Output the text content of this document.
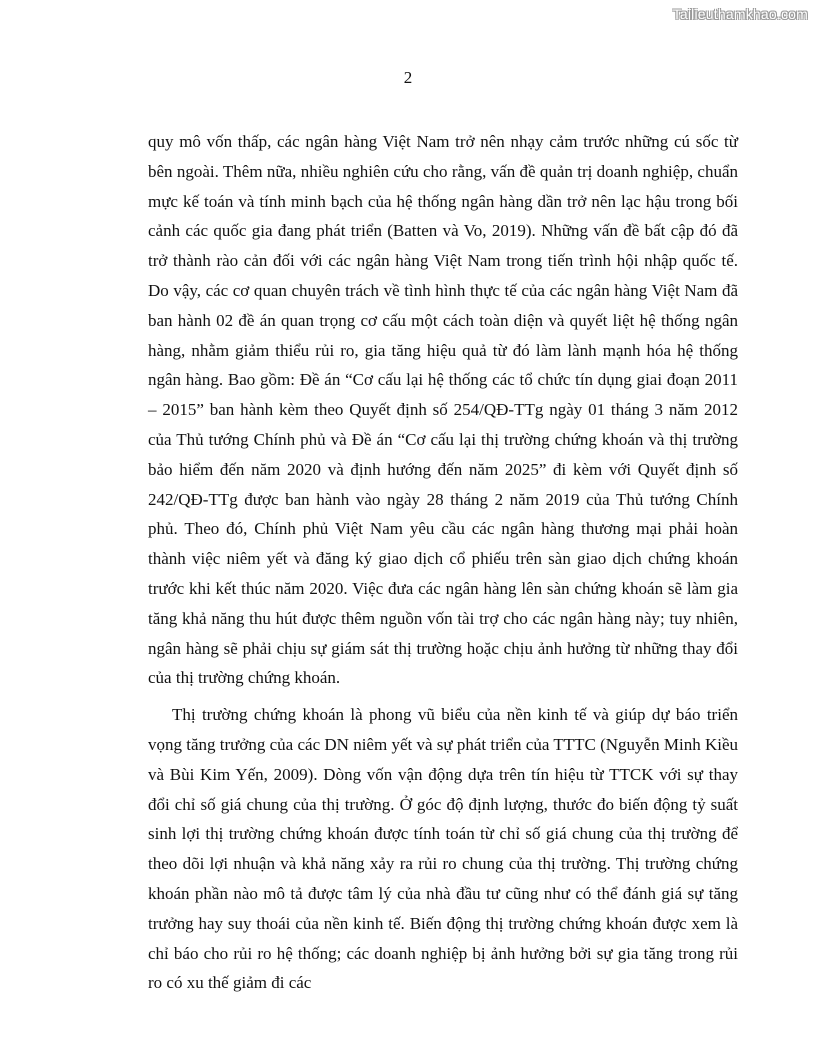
Tailieuthamkhao.com
2

quy mô vốn thấp, các ngân hàng Việt Nam trở nên nhạy cảm trước những cú sốc từ bên ngoài. Thêm nữa, nhiều nghiên cứu cho rằng, vấn đề quản trị doanh nghiệp, chuẩn mực kế toán và tính minh bạch của hệ thống ngân hàng dần trở nên lạc hậu trong bối cảnh các quốc gia đang phát triển (Batten và Vo, 2019). Những vấn đề bất cập đó đã trở thành rào cản đối với các ngân hàng Việt Nam trong tiến trình hội nhập quốc tế. Do vậy, các cơ quan chuyên trách về tình hình thực tế của các ngân hàng Việt Nam đã ban hành 02 đề án quan trọng cơ cấu một cách toàn diện và quyết liệt hệ thống ngân hàng, nhằm giảm thiểu rủi ro, gia tăng hiệu quả từ đó làm lành mạnh hóa hệ thống ngân hàng. Bao gồm: Đề án “Cơ cấu lại hệ thống các tổ chức tín dụng giai đoạn 2011 – 2015” ban hành kèm theo Quyết định số 254/QĐ-TTg ngày 01 tháng 3 năm 2012 của Thủ tướng Chính phủ và Đề án “Cơ cấu lại thị trường chứng khoán và thị trường bảo hiểm đến năm 2020 và định hướng đến năm 2025” đi kèm với Quyết định số 242/QĐ-TTg được ban hành vào ngày 28 tháng 2 năm 2019 của Thủ tướng Chính phủ. Theo đó, Chính phủ Việt Nam yêu cầu các ngân hàng thương mại phải hoàn thành việc niêm yết và đăng ký giao dịch cổ phiếu trên sàn giao dịch chứng khoán trước khi kết thúc năm 2020. Việc đưa các ngân hàng lên sàn chứng khoán sẽ làm gia tăng khả năng thu hút được thêm nguồn vốn tài trợ cho các ngân hàng này; tuy nhiên, ngân hàng sẽ phải chịu sự giám sát thị trường hoặc chịu ảnh hưởng từ những thay đổi của thị trường chứng khoán.

Thị trường chứng khoán là phong vũ biểu của nền kinh tế và giúp dự báo triển vọng tăng trưởng của các DN niêm yết và sự phát triển của TTTC (Nguyễn Minh Kiều và Bùi Kim Yến, 2009). Dòng vốn vận động dựa trên tín hiệu từ TTCK với sự thay đổi chỉ số giá chung của thị trường. Ở góc độ định lượng, thước đo biến động tỷ suất sinh lợi thị trường chứng khoán được tính toán từ chỉ số giá chung của thị trường để theo dõi lợi nhuận và khả năng xảy ra rủi ro chung của thị trường. Thị trường chứng khoán phần nào mô tả được tâm lý của nhà đầu tư cũng như có thể đánh giá sự tăng trưởng hay suy thoái của nền kinh tế. Biến động thị trường chứng khoán được xem là chỉ báo cho rủi ro hệ thống; các doanh nghiệp bị ảnh hưởng bởi sự gia tăng trong rủi ro có xu thế giảm đi các
